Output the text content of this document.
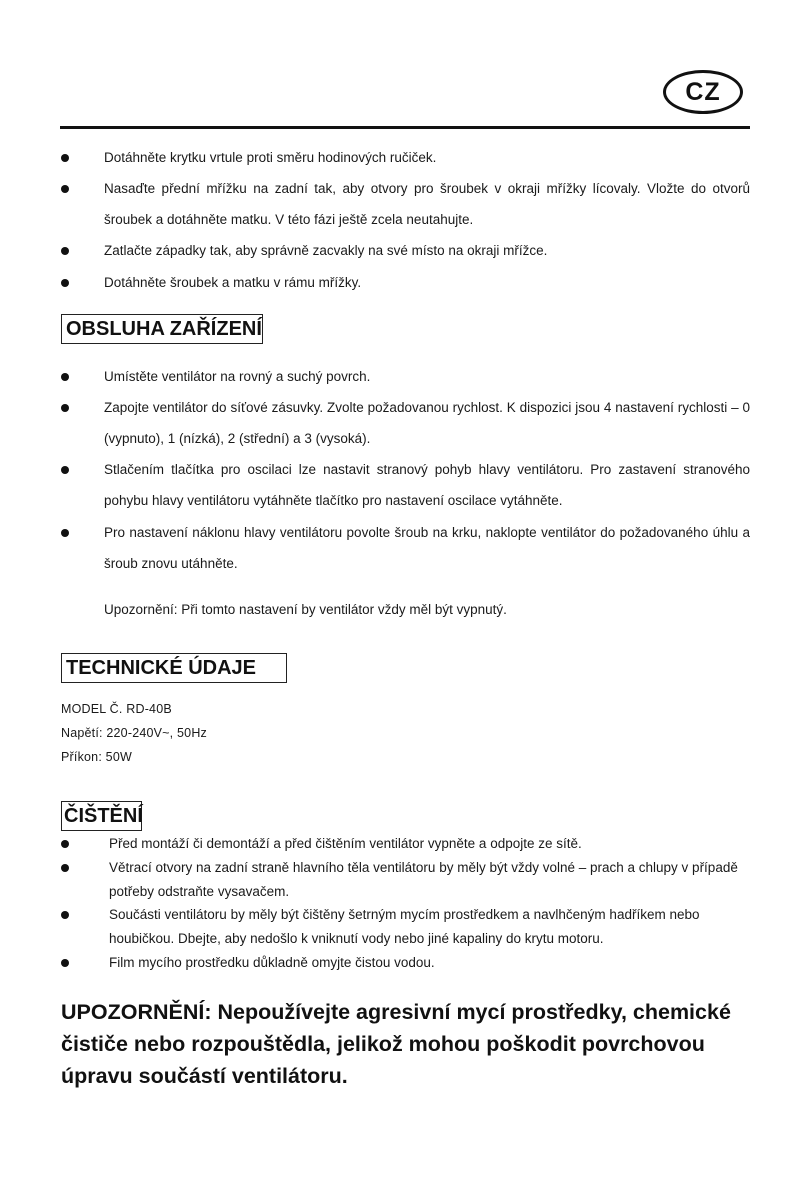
CZ
Dotáhněte krytku vrtule proti směru hodinových ručiček.
Nasaďte přední mřížku na zadní tak, aby otvory pro šroubek v okraji mřížky lícovaly. Vložte do otvorů šroubek a dotáhněte matku. V této fázi ještě zcela neutahujte.
Zatlačte západky tak, aby správně zacvakly na své místo na okraji mřížce.
Dotáhněte šroubek a matku v rámu mřížky.
OBSLUHA ZAŘÍZENÍ
Umístěte ventilátor na rovný a suchý povrch.
Zapojte ventilátor do síťové zásuvky. Zvolte požadovanou rychlost. K dispozici jsou 4 nastavení rychlosti – 0 (vypnuto), 1 (nízká), 2 (střední) a 3 (vysoká).
Stlačením tlačítka pro oscilaci lze nastavit stranový pohyb hlavy ventilátoru. Pro zastavení stranového pohybu hlavy ventilátoru vytáhněte tlačítko pro nastavení oscilace vytáhněte.
Pro nastavení náklonu hlavy ventilátoru povolte šroub na krku, naklopte ventilátor do požadovaného úhlu a šroub znovu utáhněte.
Upozornění: Při tomto nastavení by ventilátor vždy měl být vypnutý.
TECHNICKÉ ÚDAJE
MODEL Č. RD-40B
Napětí: 220-240V~, 50Hz
Příkon: 50W
ČIŠTĚNÍ
Před montáží či demontáží a před čištěním ventilátor vypněte a odpojte ze sítě.
Větrací otvory na zadní straně hlavního těla ventilátoru by měly být vždy volné – prach a chlupy v případě potřeby odstraňte vysavačem.
Součásti ventilátoru by měly být čištěny šetrným mycím prostředkem a navlhčeným hadříkem nebo houbičkou. Dbejte, aby nedošlo k vniknutí vody nebo jiné kapaliny do krytu motoru.
Film mycího prostředku důkladně omyjte čistou vodou.
UPOZORNĚNÍ: Nepoužívejte agresivní mycí prostředky, chemické čističe nebo rozpouštědla, jelikož mohou poškodit povrchovou úpravu součástí ventilátoru.
